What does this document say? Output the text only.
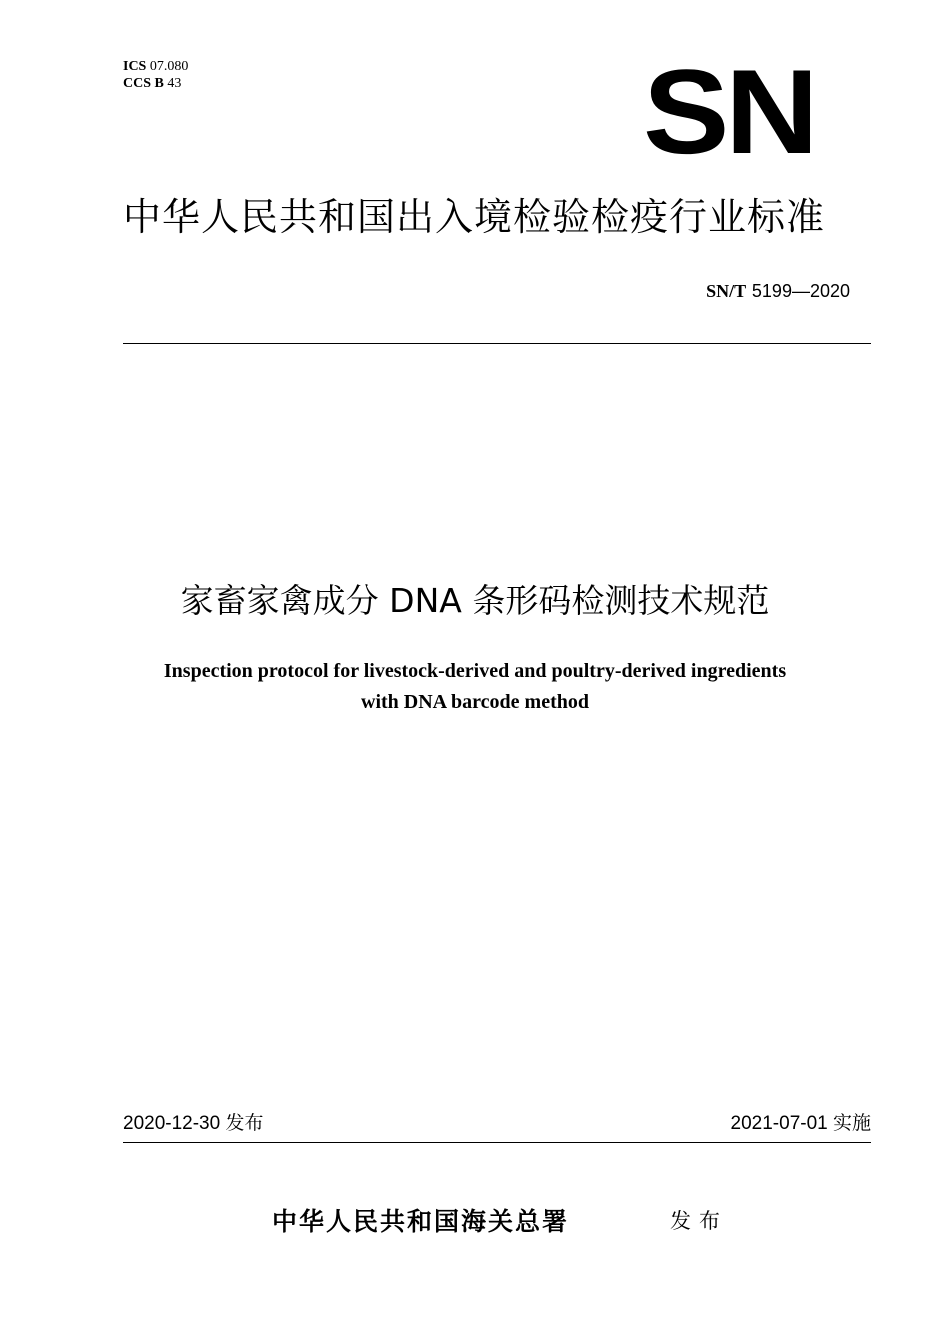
ICS 07.080
CCS B 43	SN
中华人民共和国出入境检验检疫行业标准
SN/T 5199—2020
家畜家禽成分 DNA 条形码检测技术规范
Inspection protocol for livestock-derived and poultry-derived ingredients
with DNA barcode method
2020-12-30 发布	2021-07-01 实施
中华人民共和国海关总署	发布
